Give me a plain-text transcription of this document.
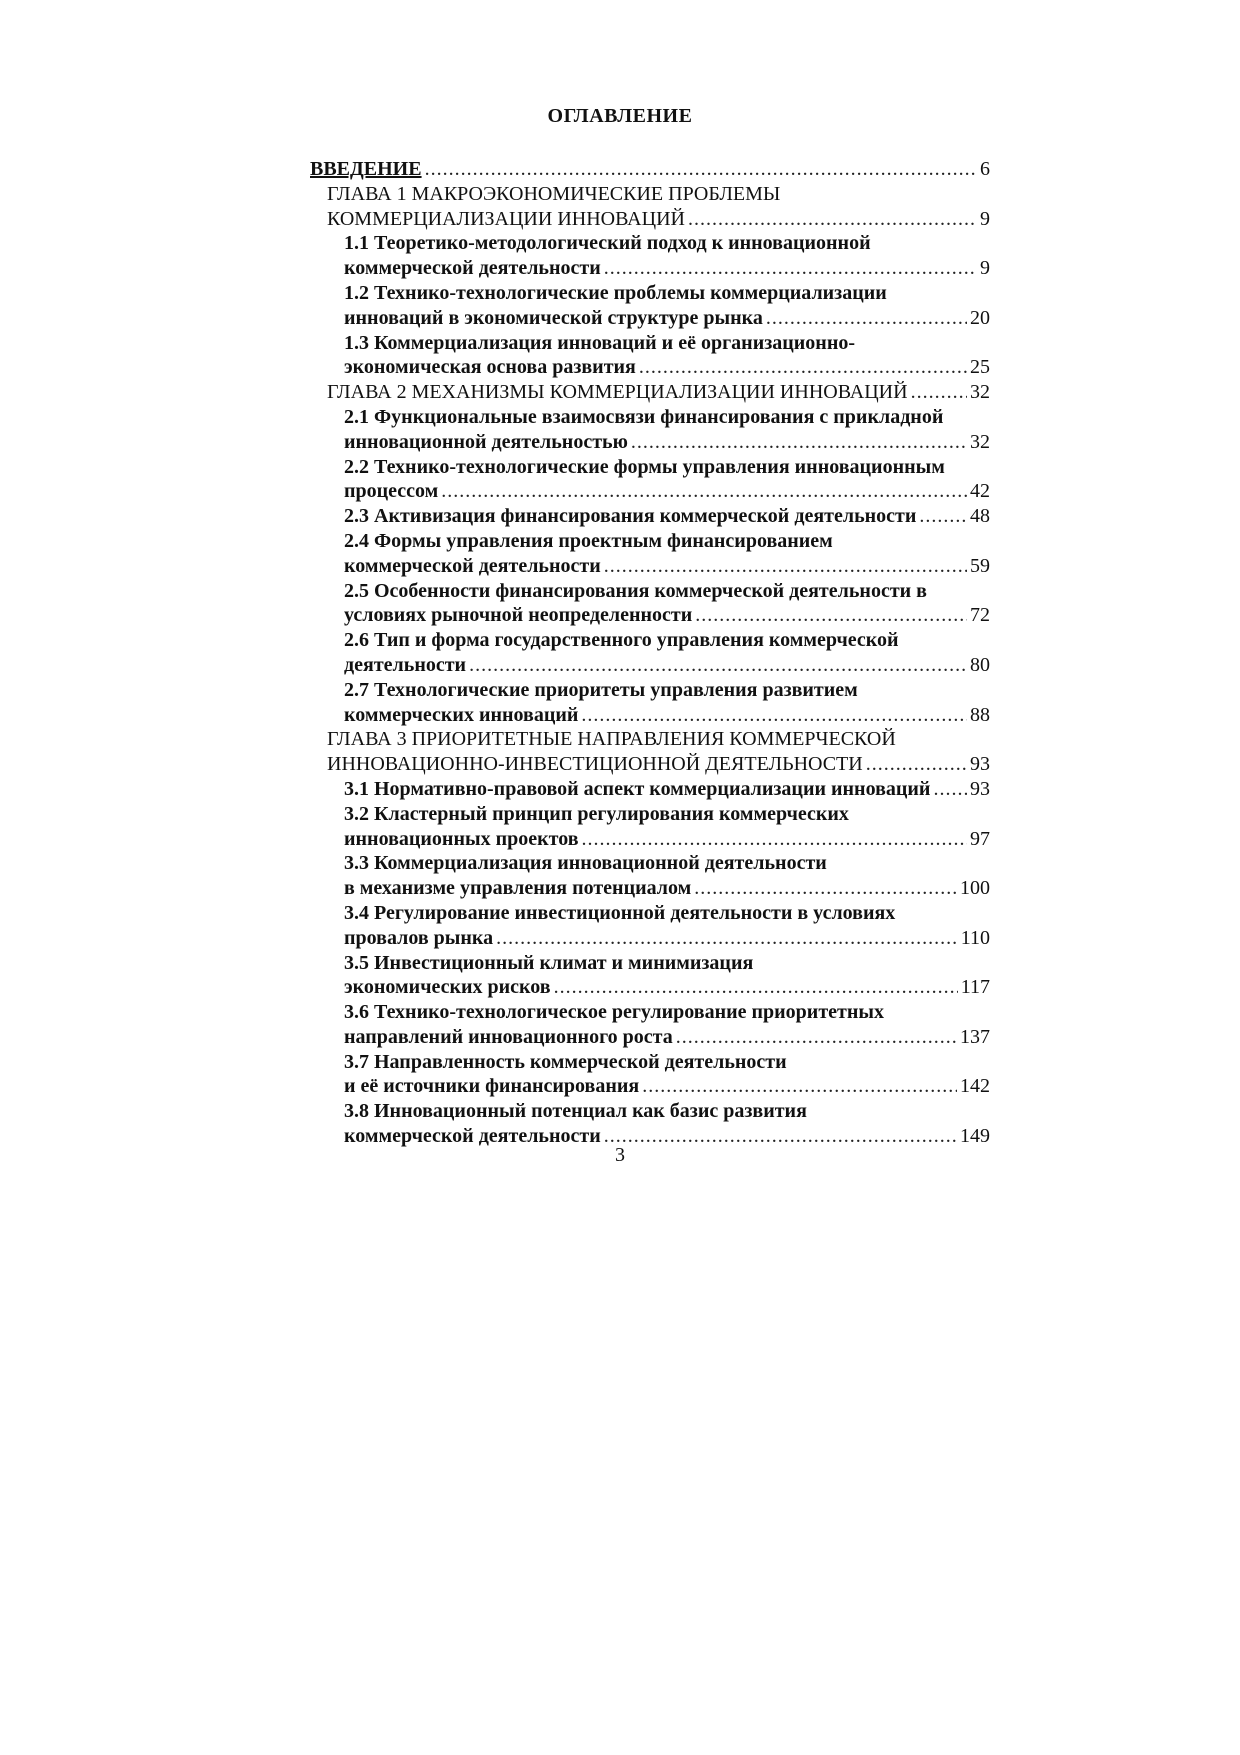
ОГЛАВЛЕНИЕ
ВВЕДЕНИЕ .....	6
ГЛАВА 1 МАКРОЭКОНОМИЧЕСКИЕ ПРОБЛЕМЫ
КОММЕРЦИАЛИЗАЦИИ ИННОВАЦИЙ .....	9
1.1 Теоретико-методологический подход к инновационной
коммерческой деятельности .....	9
1.2 Технико-технологические проблемы коммерциализации
инноваций в экономической структуре рынка .....	20
1.3 Коммерциализация инноваций и её организационно-
экономическая основа развития .....	25
ГЛАВА 2 МЕХАНИЗМЫ КОММЕРЦИАЛИЗАЦИИ ИННОВАЦИЙ .....	32
2.1 Функциональные взаимосвязи финансирования с прикладной
инновационной деятельностью .....	32
2.2 Технико-технологические формы управления инновационным
процессом .....	42
2.3 Активизация финансирования коммерческой деятельности .....	48
2.4 Формы управления проектным финансированием
коммерческой деятельности .....	59
2.5 Особенности финансирования коммерческой деятельности в
условиях рыночной неопределенности .....	72
2.6 Тип и форма государственного управления коммерческой
деятельности .....	80
2.7 Технологические приоритеты управления развитием
коммерческих инноваций .....	88
ГЛАВА 3 ПРИОРИТЕТНЫЕ НАПРАВЛЕНИЯ КОММЕРЧЕСКОЙ
ИННОВАЦИОННО-ИНВЕСТИЦИОННОЙ ДЕЯТЕЛЬНОСТИ .....	93
3.1 Нормативно-правовой аспект коммерциализации инноваций ..... 93
3.2 Кластерный принцип регулирования коммерческих
инновационных проектов .....	97
3.3 Коммерциализация инновационной деятельности
в механизме управления потенциалом .....	100
3.4 Регулирование инвестиционной деятельности в условиях
провалов рынка .....	110
3.5 Инвестиционный климат и минимизация
экономических рисков .....	117
3.6 Технико-технологическое регулирование приоритетных
направлений инновационного роста .....	137
3.7 Направленность коммерческой деятельности
и её источники финансирования .....	142
3.8 Инновационный потенциал как базис развития
коммерческой деятельности .....	149
3
